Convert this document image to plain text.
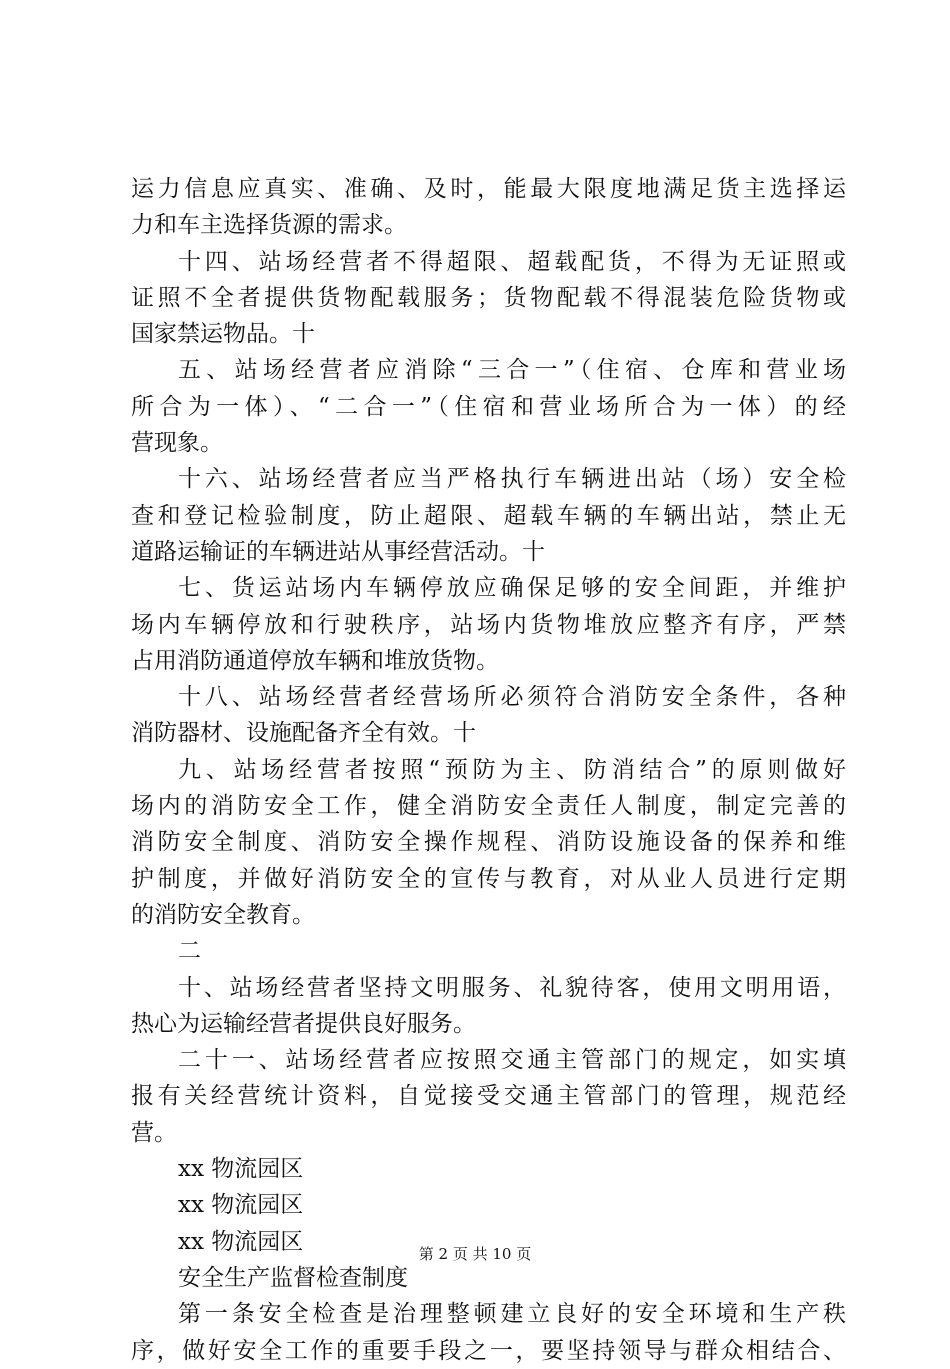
运力信息应真实、准确、及时，能最大限度地满足货主选择运
力和车主选择货源的需求。
十四、站场经营者不得超限、超载配货，不得为无证照或
证照不全者提供货物配载服务；货物配载不得混装危险货物或
国家禁运物品。十
五、站场经营者应消除“三合一”（住宿、仓库和营业场
所合为一体）、“二合一”（住宿和营业场所合为一体）的经
营现象。
十六、站场经营者应当严格执行车辆进出站（场）安全检
查和登记检验制度，防止超限、超载车辆的车辆出站，禁止无
道路运输证的车辆进站从事经营活动。十
七、货运站场内车辆停放应确保足够的安全间距，并维护
场内车辆停放和行驶秩序，站场内货物堆放应整齐有序，严禁
占用消防通道停放车辆和堆放货物。
十八、站场经营者经营场所必须符合消防安全条件，各种
消防器材、设施配备齐全有效。十
九、站场经营者按照“预防为主、防消结合”的原则做好
场内的消防安全工作，健全消防安全责任人制度，制定完善的
消防安全制度、消防安全操作规程、消防设施设备的保养和维
护制度，并做好消防安全的宣传与教育，对从业人员进行定期
的消防安全教育。
二
十、站场经营者坚持文明服务、礼貌待客，使用文明用语，
热心为运输经营者提供良好服务。
二十一、站场经营者应按照交通主管部门的规定，如实填
报有关经营统计资料，自觉接受交通主管部门的管理，规范经
营。
xx 物流园区
xx 物流园区
xx 物流园区
安全生产监督检查制度
第一条安全检查是治理整顿建立良好的安全环境和生产秩
序，做好安全工作的重要手段之一，要坚持领导与群众相结合、
第 2 页 共 10 页
